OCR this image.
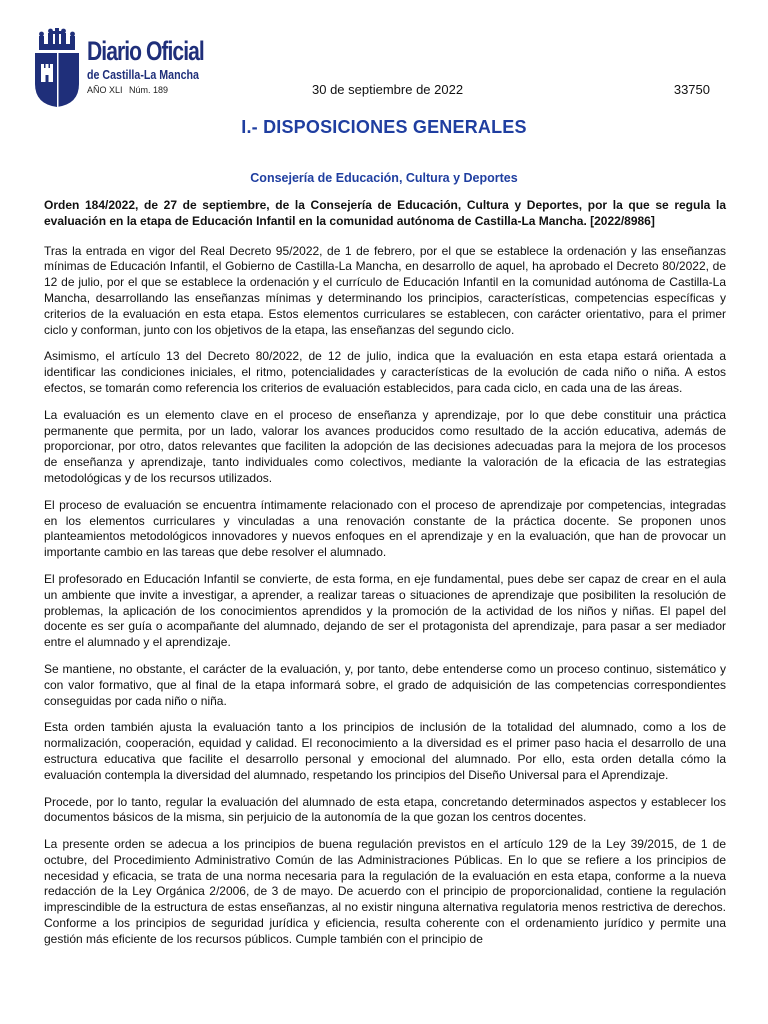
Diario Oficial
de Castilla-La Mancha
AÑO XLI Núm. 189	30 de septiembre de 2022	33750
I.- DISPOSICIONES GENERALES
Consejería de Educación, Cultura y Deportes

Orden 184/2022, de 27 de septiembre, de la Consejería de Educación, Cultura y Deportes, por la que se regula la evaluación en la etapa de Educación Infantil en la comunidad autónoma de Castilla-La Mancha. [2022/8986]

Tras la entrada en vigor del Real Decreto 95/2022, de 1 de febrero, por el que se establece la ordenación y las enseñanzas mínimas de Educación Infantil, el Gobierno de Castilla-La Mancha, en desarrollo de aquel, ha aprobado el Decreto 80/2022, de 12 de julio, por el que se establece la ordenación y el currículo de Educación Infantil en la comunidad autónoma de Castilla-La Mancha, desarrollando las enseñanzas mínimas y determinando los principios, características, competencias específicas y criterios de la evaluación en esta etapa. Estos elementos curriculares se establecen, con carácter orientativo, para el primer ciclo y conforman, junto con los objetivos de la etapa, las enseñanzas del segundo ciclo.

Asimismo, el artículo 13 del Decreto 80/2022, de 12 de julio, indica que la evaluación en esta etapa estará orientada a identificar las condiciones iniciales, el ritmo, potencialidades y características de la evolución de cada niño o niña. A estos efectos, se tomarán como referencia los criterios de evaluación establecidos, para cada ciclo, en cada una de las áreas.

La evaluación es un elemento clave en el proceso de enseñanza y aprendizaje, por lo que debe constituir una práctica permanente que permita, por un lado, valorar los avances producidos como resultado de la acción educativa, además de proporcionar, por otro, datos relevantes que faciliten la adopción de las decisiones adecuadas para la mejora de los procesos de enseñanza y aprendizaje, tanto individuales como colectivos, mediante la valoración de la eficacia de las estrategias metodológicas y de los recursos utilizados.

El proceso de evaluación se encuentra íntimamente relacionado con el proceso de aprendizaje por competencias, integradas en los elementos curriculares y vinculadas a una renovación constante de la práctica docente. Se proponen unos planteamientos metodológicos innovadores y nuevos enfoques en el aprendizaje y en la evaluación, que han de provocar un importante cambio en las tareas que debe resolver el alumnado.

El profesorado en Educación Infantil se convierte, de esta forma, en eje fundamental, pues debe ser capaz de crear en el aula un ambiente que invite a investigar, a aprender, a realizar tareas o situaciones de aprendizaje que posibiliten la resolución de problemas, la aplicación de los conocimientos aprendidos y la promoción de la actividad de los niños y niñas. El papel del docente es ser guía o acompañante del alumnado, dejando de ser el protagonista del aprendizaje, para pasar a ser mediador entre el alumnado y el aprendizaje.

Se mantiene, no obstante, el carácter de la evaluación, y, por tanto, debe entenderse como un proceso continuo, sistemático y con valor formativo, que al final de la etapa informará sobre, el grado de adquisición de las competencias correspondientes conseguidas por cada niño o niña.

Esta orden también ajusta la evaluación tanto a los principios de inclusión de la totalidad del alumnado, como a los de normalización, cooperación, equidad y calidad. El reconocimiento a la diversidad es el primer paso hacia el desarrollo de una estructura educativa que facilite el desarrollo personal y emocional del alumnado. Por ello, esta orden detalla cómo la evaluación contempla la diversidad del alumnado, respetando los principios del Diseño Universal para el Aprendizaje.

Procede, por lo tanto, regular la evaluación del alumnado de esta etapa, concretando determinados aspectos y establecer los documentos básicos de la misma, sin perjuicio de la autonomía de la que gozan los centros docentes.

La presente orden se adecua a los principios de buena regulación previstos en el artículo 129 de la Ley 39/2015, de 1 de octubre, del Procedimiento Administrativo Común de las Administraciones Públicas. En lo que se refiere a los principios de necesidad y eficacia, se trata de una norma necesaria para la regulación de la evaluación en esta etapa, conforme a la nueva redacción de la Ley Orgánica 2/2006, de 3 de mayo. De acuerdo con el principio de proporcionalidad, contiene la regulación imprescindible de la estructura de estas enseñanzas, al no existir ninguna alternativa regulatoria menos restrictiva de derechos. Conforme a los principios de seguridad jurídica y eficiencia, resulta coherente con el ordenamiento jurídico y permite una gestión más eficiente de los recursos públicos. Cumple también con el principio de
